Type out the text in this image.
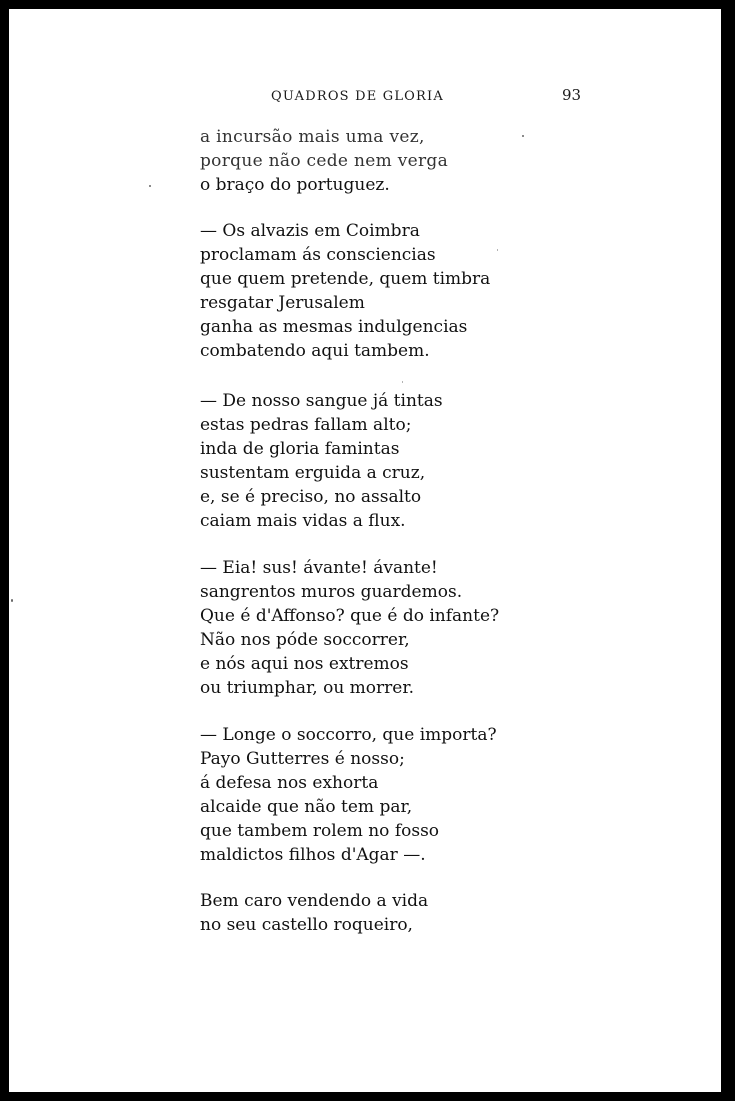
QUADROS DE GLORIA	93
a incursão mais uma vez,
porque não cede nem verga
o braço do portuguez.
— Os alvazis em Coimbra
proclamam ás consciencias
que quem pretende, quem timbra
resgatar Jerusalem
ganha as mesmas indulgencias
combatendo aqui tambem.
— De nosso sangue já tintas
estas pedras fallam alto;
inda de gloria famintas
sustentam erguida a cruz,
e, se é preciso, no assalto
caiam mais vidas a flux.
— Eia! sus! ávante! ávante!
sangrentos muros guardemos.
Que é d'Affonso? que é do infante?
Não nos póde soccorrer,
e nós aqui nos extremos
ou triumphar, ou morrer.
— Longe o soccorro, que importa?
Payo Gutterres é nosso;
á defesa nos exhorta
alcaide que não tem par,
que tambem rolem no fosso
maldictos filhos d'Agar —.
Bem caro vendendo a vida
no seu castello roqueiro,
